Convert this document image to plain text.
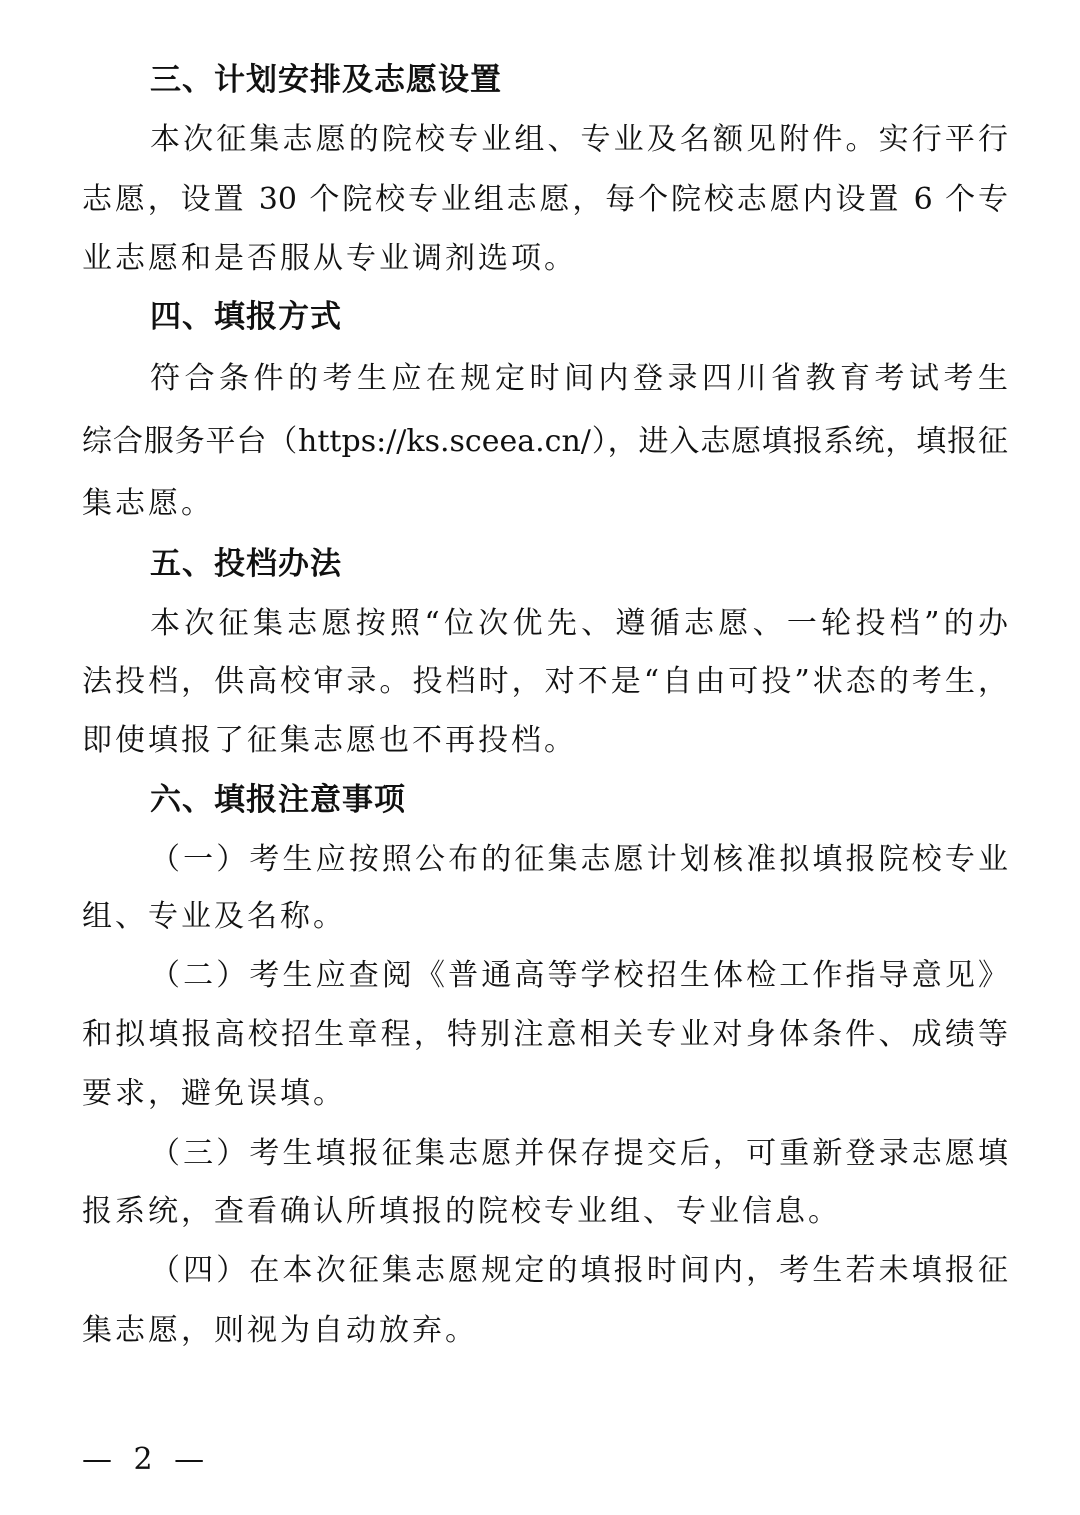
三、计划安排及志愿设置
本次征集志愿的院校专业组、专业及名额见附件。实行平行
志愿，设置 30 个院校专业组志愿，每个院校志愿内设置 6 个专
业志愿和是否服从专业调剂选项。
四、填报方式
符合条件的考生应在规定时间内登录四川省教育考试考生
综合服务平台（https://ks.sceea.cn/），进入志愿填报系统，填报征
集志愿。
五、投档办法
本次征集志愿按照“位次优先、遵循志愿、一轮投档”的办
法投档，供高校审录。投档时，对不是“自由可投”状态的考生，
即使填报了征集志愿也不再投档。
六、填报注意事项
（一）考生应按照公布的征集志愿计划核准拟填报院校专业
组、专业及名称。
（二）考生应查阅《普通高等学校招生体检工作指导意见》
和拟填报高校招生章程，特别注意相关专业对身体条件、成绩等
要求，避免误填。
（三）考生填报征集志愿并保存提交后，可重新登录志愿填
报系统，查看确认所填报的院校专业组、专业信息。
（四）在本次征集志愿规定的填报时间内，考生若未填报征
集志愿，则视为自动放弃。
— 2 —
